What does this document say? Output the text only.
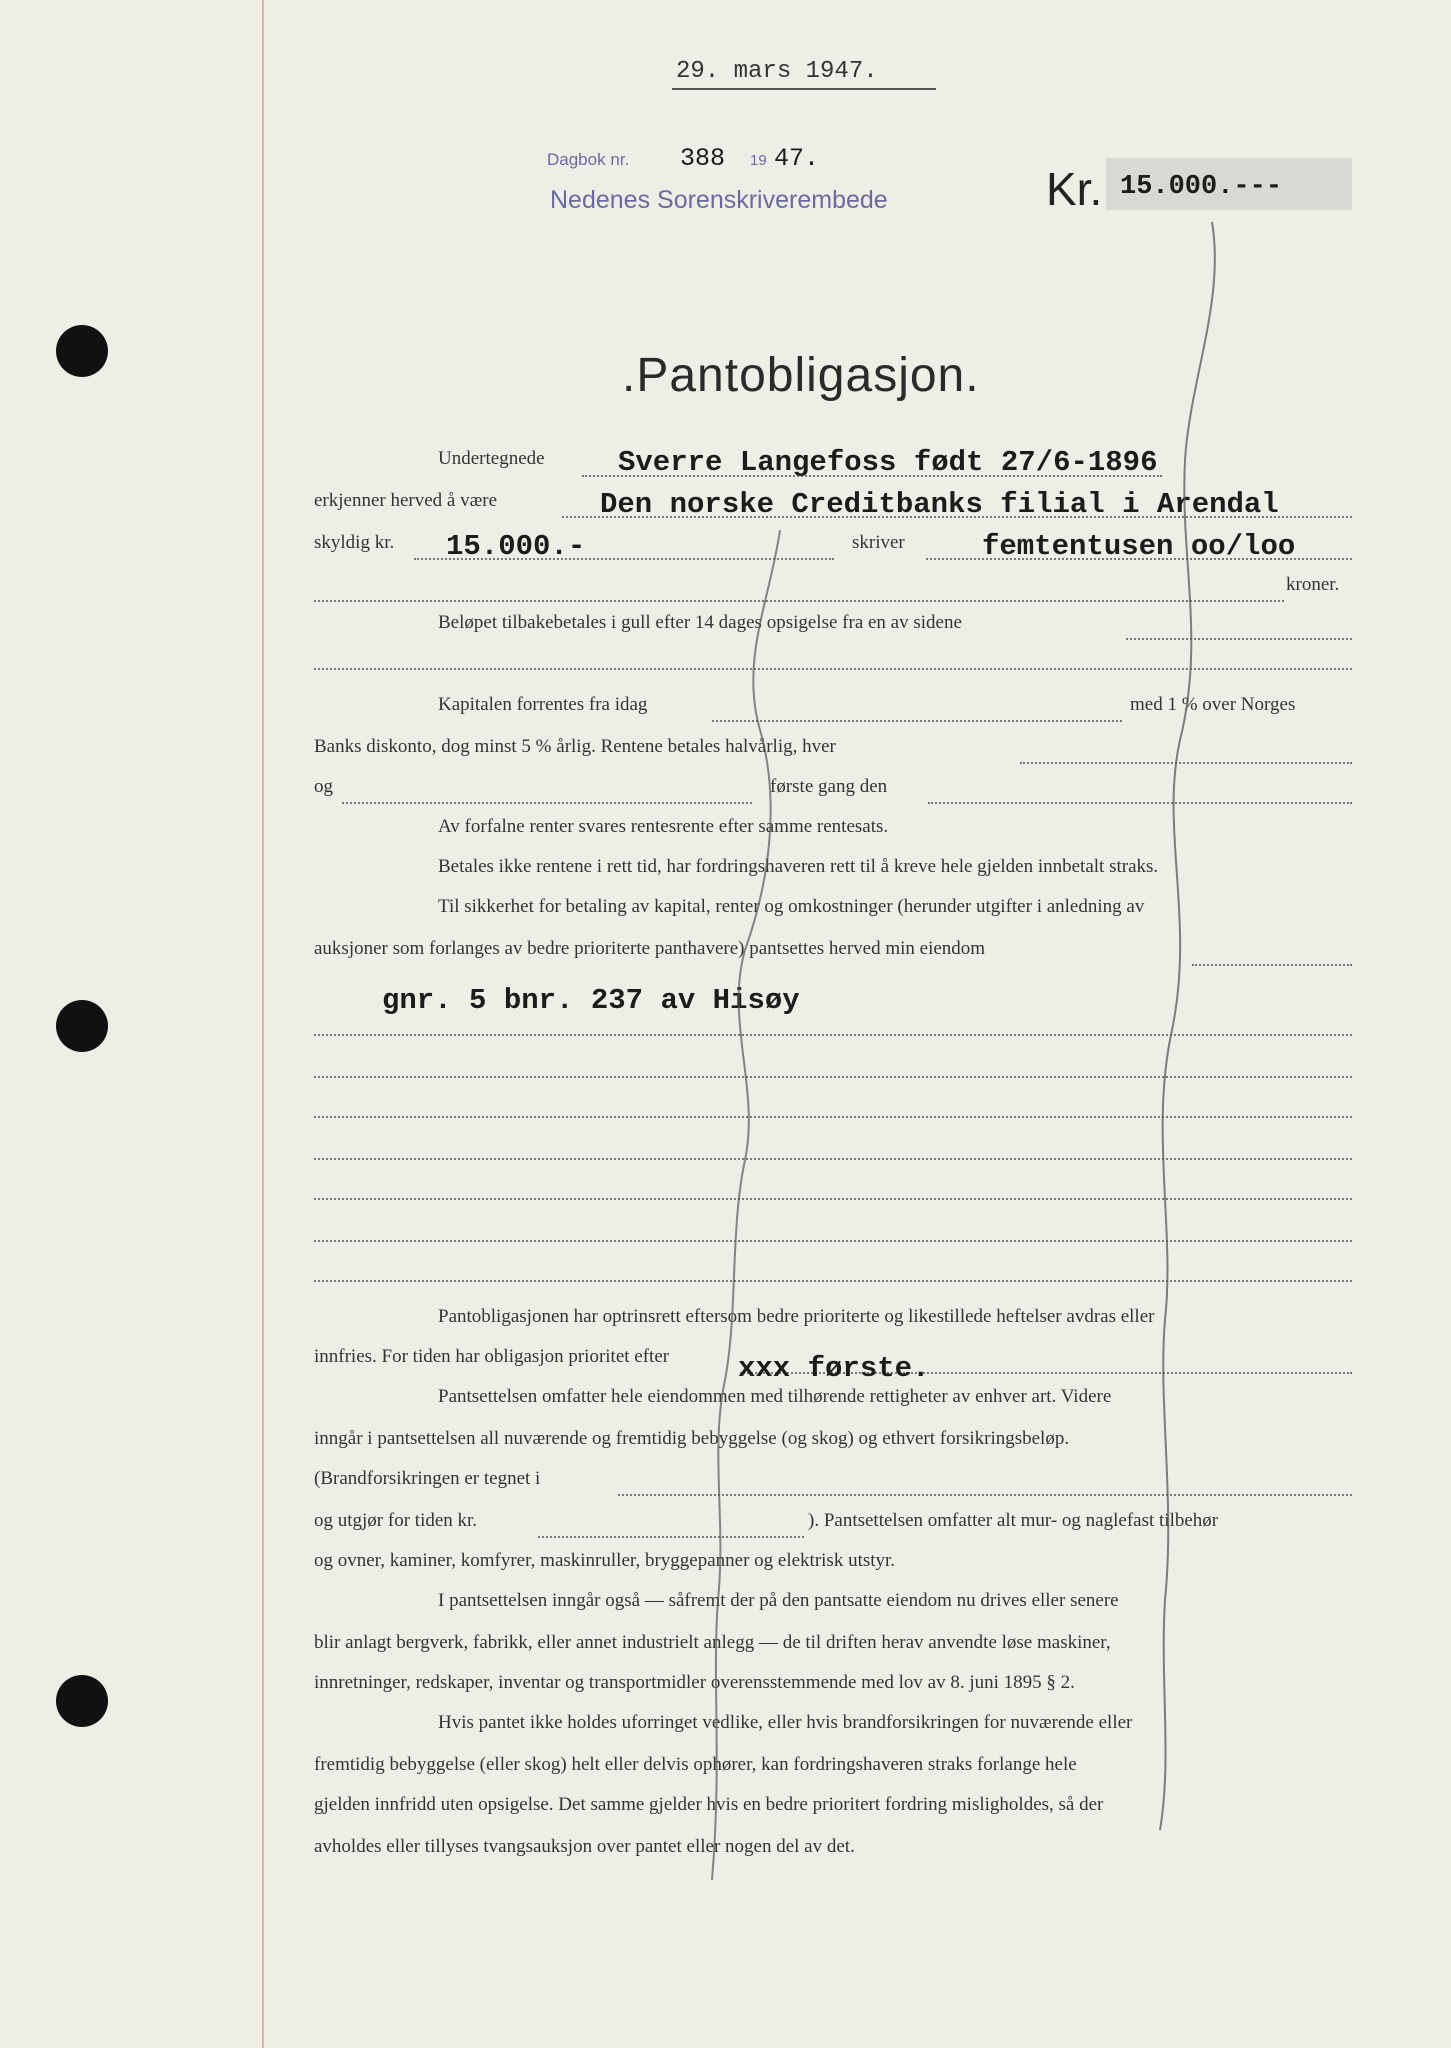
29. mars 1947.
Dagbok nr. 388 19 47.
Nedenes Sorenskriverembede	Kr. 15.000.---
.Pantobligasjon.
Undertegnede	Sverre Langefoss født 27/6-1896
erkjenner herved å være	Den norske Creditbanks filial i Arendal
skyldig kr. 15.000.-	skriver	femtentusen oo/loo
kroner.
Beløpet tilbakebetales i gull efter 14 dages opsigelse fra en av sidene
Kapitalen forrentes fra idag	med 1 % over Norges
Banks diskonto, dog minst 5 % årlig. Rentene betales halvårlig, hver
og	første gang den
Av forfalne renter svares rentesrente efter samme rentesats.
Betales ikke rentene i rett tid, har fordringshaveren rett til å kreve hele gjelden innbetalt straks.
Til sikkerhet for betaling av kapital, renter og omkostninger (herunder utgifter i anledning av
auksjoner som forlanges av bedre prioriterte panthavere) pantsettes herved min eiendom
gnr. 5 bnr. 237 av Hisøy
Pantobligasjonen har optrinsrett eftersom bedre prioriterte og likestillede heftelser avdras eller
innfries. For tiden har obligasjon prioritet efter xxx første.
Pantsettelsen omfatter hele eiendommen med tilhørende rettigheter av enhver art. Videre
inngår i pantsettelsen all nuværende og fremtidig bebyggelse (og skog) og ethvert forsikringsbeløp.
(Brandforsikringen er tegnet i
og utgjør for tiden kr.	). Pantsettelsen omfatter alt mur- og naglefast tilbehør
og ovner, kaminer, komfyrer, maskinruller, bryggepanner og elektrisk utstyr.
I pantsettelsen inngår også — såfremt der på den pantsatte eiendom nu drives eller senere
blir anlagt bergverk, fabrikk, eller annet industrielt anlegg — de til driften herav anvendte løse maskiner,
innretninger, redskaper, inventar og transportmidler overensstemmende med lov av 8. juni 1895 § 2.
Hvis pantet ikke holdes uforringet vedlike, eller hvis brandforsikringen for nuværende eller
fremtidig bebyggelse (eller skog) helt eller delvis ophører, kan fordringshaveren straks forlange hele
gjelden innfridd uten opsigelse. Det samme gjelder hvis en bedre prioritert fordring misligholdes, så der
avholdes eller tillyses tvangsauksjon over pantet eller nogen del av det.
